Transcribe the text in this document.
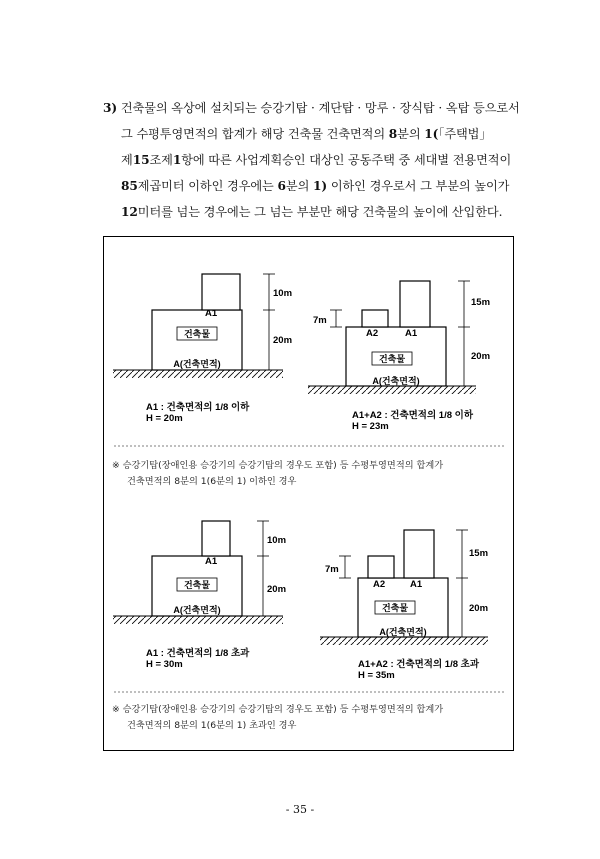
3) 건축물의 옥상에 설치되는 승강기탑 · 계단탑 · 망루 · 장식탑 · 옥탑 등으로서
그 수평투영면적의 합계가 해당 건축물 건축면적의 8분의 1(「주택법」
제15조제1항에 따른 사업계획승인 대상인 공동주택 중 세대별 전용면적이
85제곱미터 이하인 경우에는 6분의 1) 이하인 경우로서 그 부분의 높이가
12미터를 넘는 경우에는 그 넘는 부분만 해당 건축물의 높이에 산입한다.
A1
건축물
A(건축면적)
10m
20m
A1 : 건축면적의 1/8 이하
H = 20m
A2	A1
건축물
A(건축면적)
7m
15m
20m
A1+A2 : 건축면적의 1/8 이하
H = 23m
A1
건축물
A(건축면적)
10m
20m
A1 : 건축면적의 1/8 초과
H = 30m
A2	A1
건축물
A(건축면적)
7m
15m
20m
A1+A2 : 건축면적의 1/8 초과
H = 35m
※ 승강기탑(장애인용 승강기의 승강기탑의 경우도 포함) 등 수평투영면적의 합계가
건축면적의 8분의 1(6분의 1) 이하인 경우
※ 승강기탑(장애인용 승강기의 승강기탑의 경우도 포함) 등 수평투영면적의 합계가
건축면적의 8분의 1(6분의 1) 초과인 경우
- 35 -
